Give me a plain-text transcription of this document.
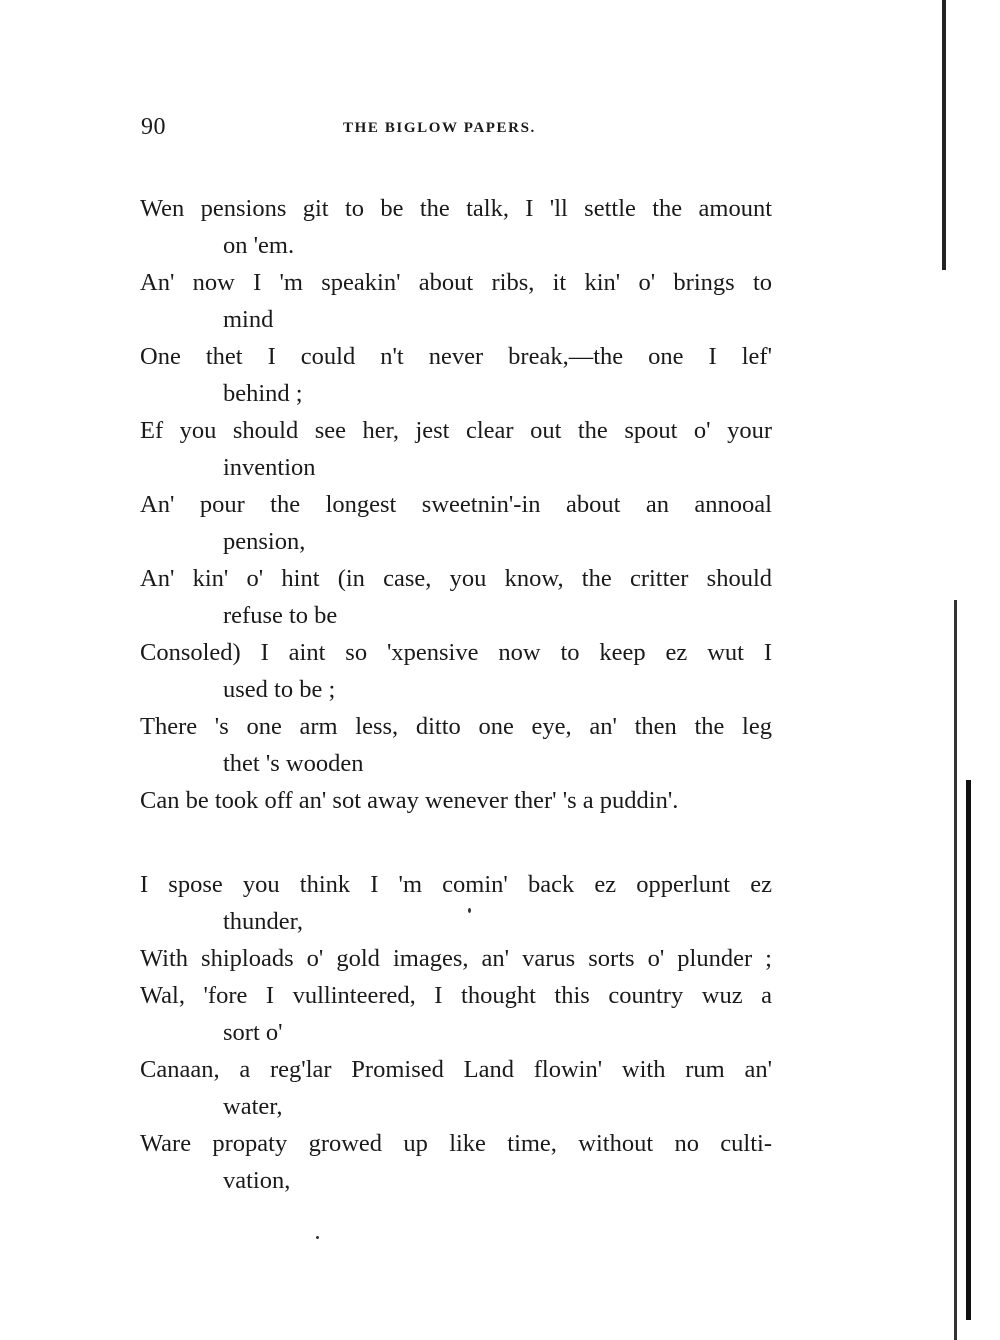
90	THE BIGLOW PAPERS.

Wen pensions git to be the talk, I 'll settle the amount

on 'em.

An' now I 'm speakin' about ribs, it kin' o' brings to

mind

One thet I could n't never break,—the one I lef'

behind ;

Ef you should see her, jest clear out the spout o' your

invention

An' pour the longest sweetnin'-in about an annooal

pension,

An' kin' o' hint (in case, you know, the critter should

refuse to be

Consoled) I aint so 'xpensive now to keep ez wut I

used to be ;

There 's one arm less, ditto one eye, an' then the leg

thet 's wooden

Can be took off an' sot away wenever ther' 's a puddin'.

I spose you think I 'm comin' back ez opperlunt ez

thunder,

With shiploads o' gold images, an' varus sorts o' plunder ;

Wal, 'fore I vullinteered, I thought this country wuz a

sort o'

Canaan, a reg'lar Promised Land flowin' with rum an'

water,

Ware propaty growed up like time, without no culti-

vation,
